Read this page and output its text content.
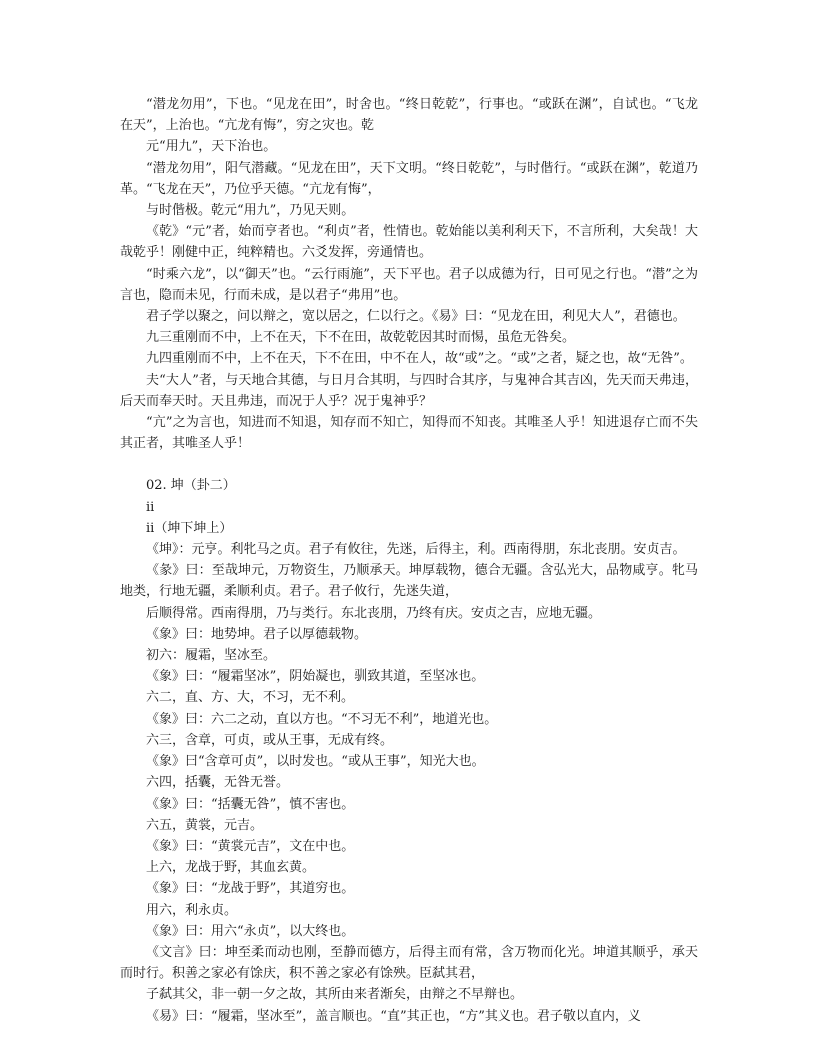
“潜龙勿用”，下也。“见龙在田”，时舍也。“终日乾乾”，行事也。“或跃在渊”，自试也。“飞龙在天”，上治也。“亢龙有悔”，穷之灾也。乾

元“用九”，天下治也。

“潜龙勿用”，阳气潜藏。“见龙在田”，天下文明。“终日乾乾”，与时偕行。“或跃在渊”，乾道乃革。“飞龙在天”，乃位乎天德。“亢龙有悔”，

与时偕极。乾元“用九”，乃见天则。

《乾》“元”者，始而亨者也。“利贞”者，性情也。乾始能以美利利天下，不言所利，大矣哉！大哉乾乎！刚健中正，纯粹精也。六爻发挥，旁通情也。

“时乘六龙”，以“御天”也。“云行雨施”，天下平也。君子以成德为行，日可见之行也。“潜”之为言也，隐而未见，行而未成，是以君子“弗用”也。

君子学以聚之，问以辩之，宽以居之，仁以行之。《易》曰：“见龙在田，利见大人”，君德也。

九三重刚而不中，上不在天，下不在田，故乾乾因其时而惕，虽危无咎矣。

九四重刚而不中，上不在天，下不在田，中不在人，故“或”之。“或”之者，疑之也，故“无咎”。

夫“大人”者，与天地合其德，与日月合其明，与四时合其序，与鬼神合其吉凶，先天而天弗违，后天而奉天时。天且弗违，而况于人乎？况于鬼神乎？

“亢”之为言也，知进而不知退，知存而不知亡，知得而不知丧。其唯圣人乎！知进退存亡而不失其正者，其唯圣人乎！

02. 坤（卦二）

ii

ii（坤下坤上）

《坤》：元亨。利牝马之贞。君子有攸往，先迷，后得主，利。西南得朋，东北丧朋。安贞吉。

《彖》曰：至哉坤元，万物资生，乃顺承天。坤厚载物，德合无疆。含弘光大，品物咸亨。牝马地类，行地无疆，柔顺利贞。君子。君子攸行，先迷失道，

后顺得常。西南得朋，乃与类行。东北丧朋，乃终有庆。安贞之吉，应地无疆。

《象》曰：地势坤。君子以厚德载物。

初六：履霜，坚冰至。

《象》曰：“履霜坚冰”，阴始凝也，驯致其道，至坚冰也。

六二，直、方、大，不习，无不利。

《象》曰：六二之动，直以方也。“不习无不利”，地道光也。

六三，含章，可贞，或从王事，无成有终。

《象》曰“含章可贞”，以时发也。“或从王事”，知光大也。

六四，括囊，无咎无誉。

《象》曰：“括囊无咎”，慎不害也。

六五，黄裳，元吉。

《象》曰：“黄裳元吉”，文在中也。

上六，龙战于野，其血玄黄。

《象》曰：“龙战于野”，其道穷也。

用六，利永贞。

《象》曰：用六“永贞”，以大终也。

《文言》曰：坤至柔而动也刚，至静而德方，后得主而有常，含万物而化光。坤道其顺乎，承天而时行。积善之家必有馀庆，积不善之家必有馀殃。臣弑其君，

子弑其父，非一朝一夕之故，其所由来者渐矣，由辩之不早辩也。

《易》曰：“履霜，坚冰至”，盖言顺也。“直”其正也，“方”其义也。君子敬以直内，义
